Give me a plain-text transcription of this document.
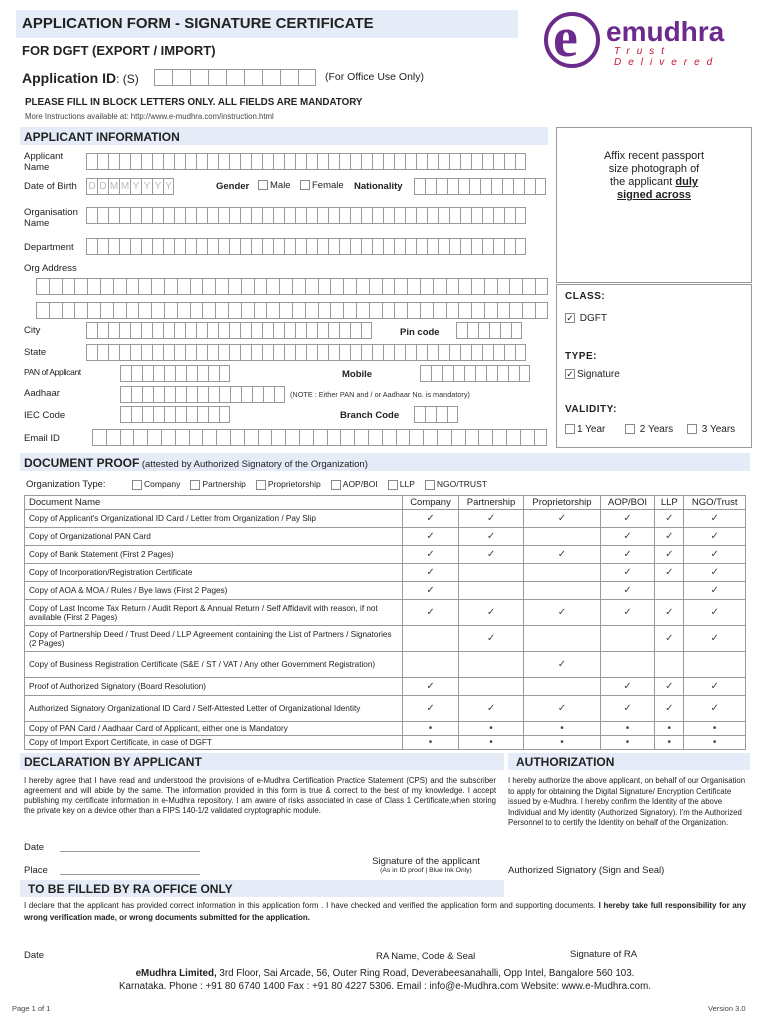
APPLICATION FORM - SIGNATURE CERTIFICATE
FOR DGFT (EXPORT / IMPORT)
Application ID: (S)	(For Office Use Only)
e emudhra
Trust Delivered
PLEASE FILL IN BLOCK LETTERS ONLY. ALL FIELDS ARE MANDATORY
More Instructions available at: http://www.e-mudhra.com/instruction.html
APPLICANT INFORMATION
Applicant
Name
Date of Birth D D M M Y Y Y Y	Gender	Male	Female Nationality
Organisation
Name
Department
Org Address
City	Pin code
State
PAN of Applicant	Mobile
Aadhaar	(NOTE : Either PAN and / or Aadhaar No. is mandatory)
IEC Code	Branch Code
Email ID
Affix recent passport
size photograph of
the applicant duly
signed across
CLASS:
✓ DGFT
TYPE:
✓ Signature
VALIDITY:
1 Year	2 Years	3 Years
DOCUMENT PROOF (attested by Authorized Signatory of the Organization)
Organization Type:	Company	Partnership	Proprietorship	AOP/BOI	LLP	NGO/TRUST
Document Name	Company	Partnership	Proprietorship	AOP/BOI	LLP	NGO/Trust
Copy of Applicant's Organizational ID Card / Letter from Organization / Pay Slip	✓	✓	✓	✓	✓	✓
Copy of Organizational PAN Card	✓	✓		✓	✓	✓
Copy of Bank Statement (First 2 Pages)	✓	✓	✓	✓	✓	✓
Copy of Incorporation/Registration Certificate	✓			✓	✓	✓
Copy of AOA & MOA / Rules / Bye laws (First 2 Pages)	✓			✓		✓
Copy of Last Income Tax Return / Audit Report & Annual Return / Self Affidavit with reason, if not available (First 2 Pages)	✓	✓	✓	✓	✓	✓
Copy of Partnership Deed / Trust Deed / LLP Agreement containing the List of Partners / Signatories (2 Pages)		✓			✓	✓
Copy of Business Registration Certificate (S&E / ST / VAT / Any other Government Registration)			✓			
Proof of Authorized Signatory (Board Resolution)	✓			✓	✓	✓
Authorized Signatory Organizational ID Card / Self-Attested Letter of Organizational Identity	✓	✓	✓	✓	✓	✓
Copy of PAN Card / Aadhaar Card of Applicant, either one is Mandatory	•	•	•	•	•	•
Copy of Import Export Certificate, in case of DGFT	•	•	•	•	•	•
DECLARATION BY APPLICANT	AUTHORIZATION
I hereby agree that I have read and understood the provisions of e-Mudhra Certification Practice Statement (CPS) and the subscriber agreement and will abide by the same. The information provided in this form is true & correct to the best of my knowledge. I accept publishing my certificate information in e-Mudhra repository. I am aware of risks associated in case of Class 1 Certificate,when storing the private key on a device other than a FIPS 140-1/2 validated cryptographic module.
I hereby authorize the above applicant, on behalf of our Organisation to apply for obtaining the Digital Signature/ Encryption Certificate issued by e-Mudhra. I hereby confirm the Identity of the above Individual and My identity (Authorized Signatory). I'm the Authorized Personnel to to certify the Identity on behalf of the Organization.
Date
Place
Signature of the applicant
(As in ID proof | Blue Ink Only)	Authorized Signatory (Sign and Seal)
TO BE FILLED BY RA OFFICE ONLY
I declare that the applicant has provided correct information in this application form . I have checked and verified the application form and supporting documents. I hereby take full responsibility for any wrong verification made, or wrong documents submitted for the application.
Date	RA Name, Code & Seal	Signature of RA
eMudhra Limited, 3rd Floor, Sai Arcade, 56, Outer Ring Road, Deverabeesanahalli, Opp Intel, Bangalore 560 103.
Karnataka. Phone : +91 80 6740 1400 Fax : +91 80 4227 5306. Email : info@e-Mudhra.com Website: www.e-Mudhra.com.
Page 1 of 1	Version 3.0
